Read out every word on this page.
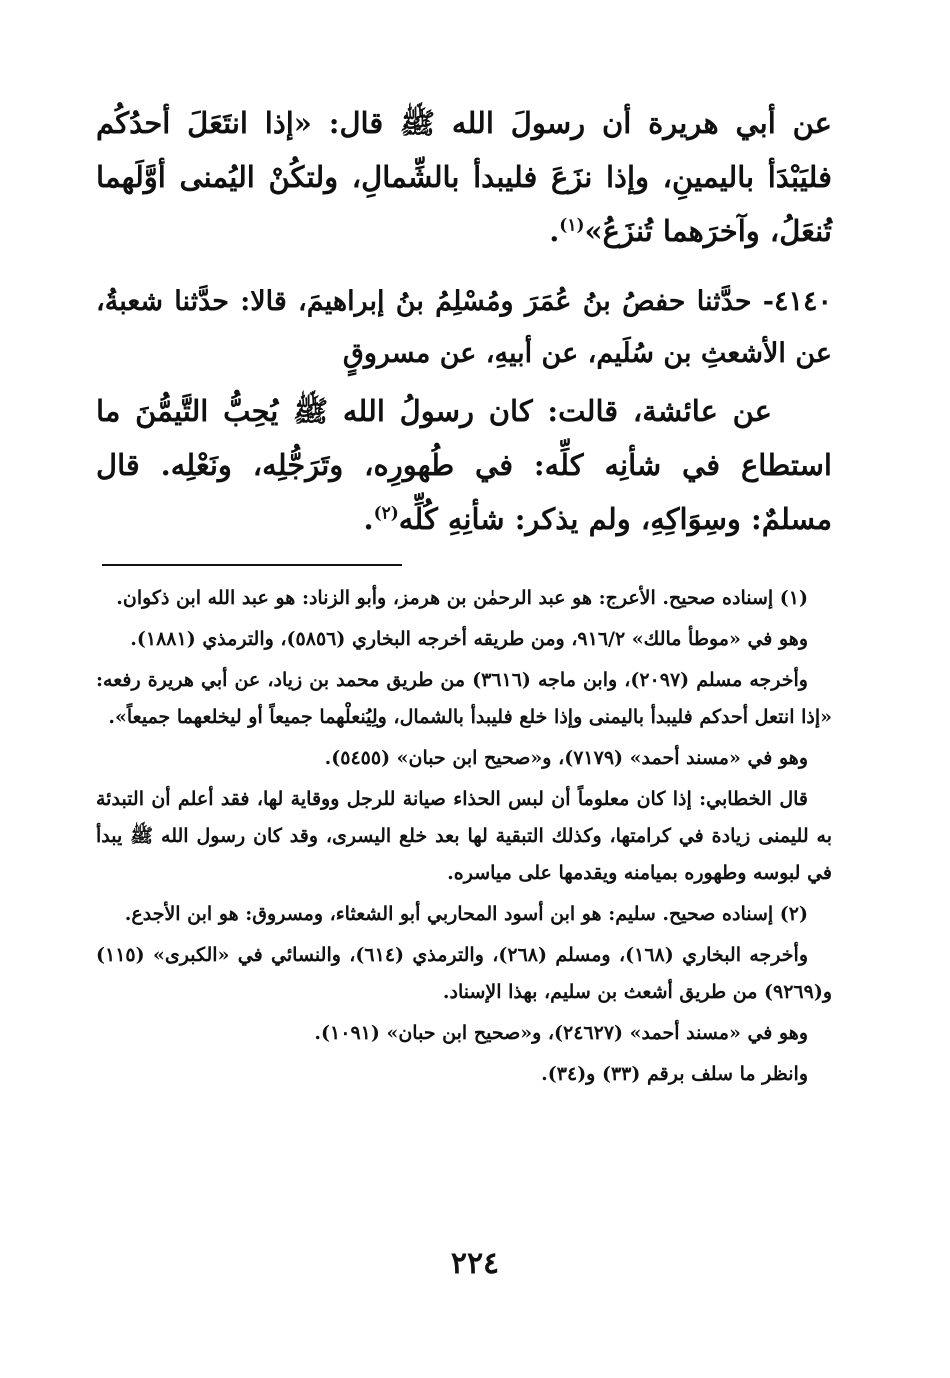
عن أبي هريرة أن رسولَ الله ﷺ قال: «إذا انتَعَلَ أحدُكُم فليَبْدَأ باليمينِ، وإذا نزَعَ فليبدأ بالشِّمالِ، ولتكُنْ اليُمنى أوَّلَهما تُنعَلُ، وآخرَهما تُنزَعُ»$^{(١)}$.

٤١٤٠- حدَّثنا حفصُ بنُ عُمَرَ ومُسْلِمُ بنُ إبراهيمَ، قالا: حدَّثنا شعبةُ، عن الأشعثِ بن سُلَيم، عن أبيهِ، عن مسروقٍ

عن عائشة، قالت: كان رسولُ الله ﷺ يُحِبُّ التَّيمُّنَ ما استطاع في شأنِه كلِّه: في طُهورِه، وتَرَجُّلِه، ونَعْلِه. قال مسلمٌ: وسِوَاكِهِ، ولم يذكر: شأنِهِ كُلِّه$^{(٢)}$.

(١) إسناده صحيح. الأعرج: هو عبد الرحمٰن بن هرمز، وأبو الزناد: هو عبد الله ابن ذكوان.

وهو في «موطأ مالك» ٩١٦/٢، ومن طريقه أخرجه البخاري (٥٨٥٦)، والترمذي (١٨٨١).

وأخرجه مسلم (٢٠٩٧)، وابن ماجه (٣٦١٦) من طريق محمد بن زياد، عن أبي هريرة رفعه: «إذا انتعل أحدكم فليبدأ باليمنى وإذا خلع فليبدأ بالشمال، ولِيُنعلْهما جميعاً أو ليخلعهما جميعاً».

وهو في «مسند أحمد» (٧١٧٩)، و«صحيح ابن حبان» (٥٤٥٥).

قال الخطابي: إذا كان معلوماً أن لبس الحذاء صيانة للرجل ووقاية لها، فقد أعلم أن التبدئة به لليمنى زيادة في كرامتها، وكذلك التبقية لها بعد خلع اليسرى، وقد كان رسول الله ﷺ يبدأ في لبوسه وطهوره بميامنه ويقدمها على مياسره.

(٢) إسناده صحيح. سليم: هو ابن أسود المحاربي أبو الشعثاء، ومسروق: هو ابن الأجدع.

وأخرجه البخاري (١٦٨)، ومسلم (٢٦٨)، والترمذي (٦١٤)، والنسائي في «الكبرى» (١١٥) و(٩٢٦٩) من طريق أشعث بن سليم، بهذا الإسناد.

وهو في «مسند أحمد» (٢٤٦٢٧)، و«صحيح ابن حبان» (١٠٩١).

وانظر ما سلف برقم (٣٣) و(٣٤).

٢٢٤
